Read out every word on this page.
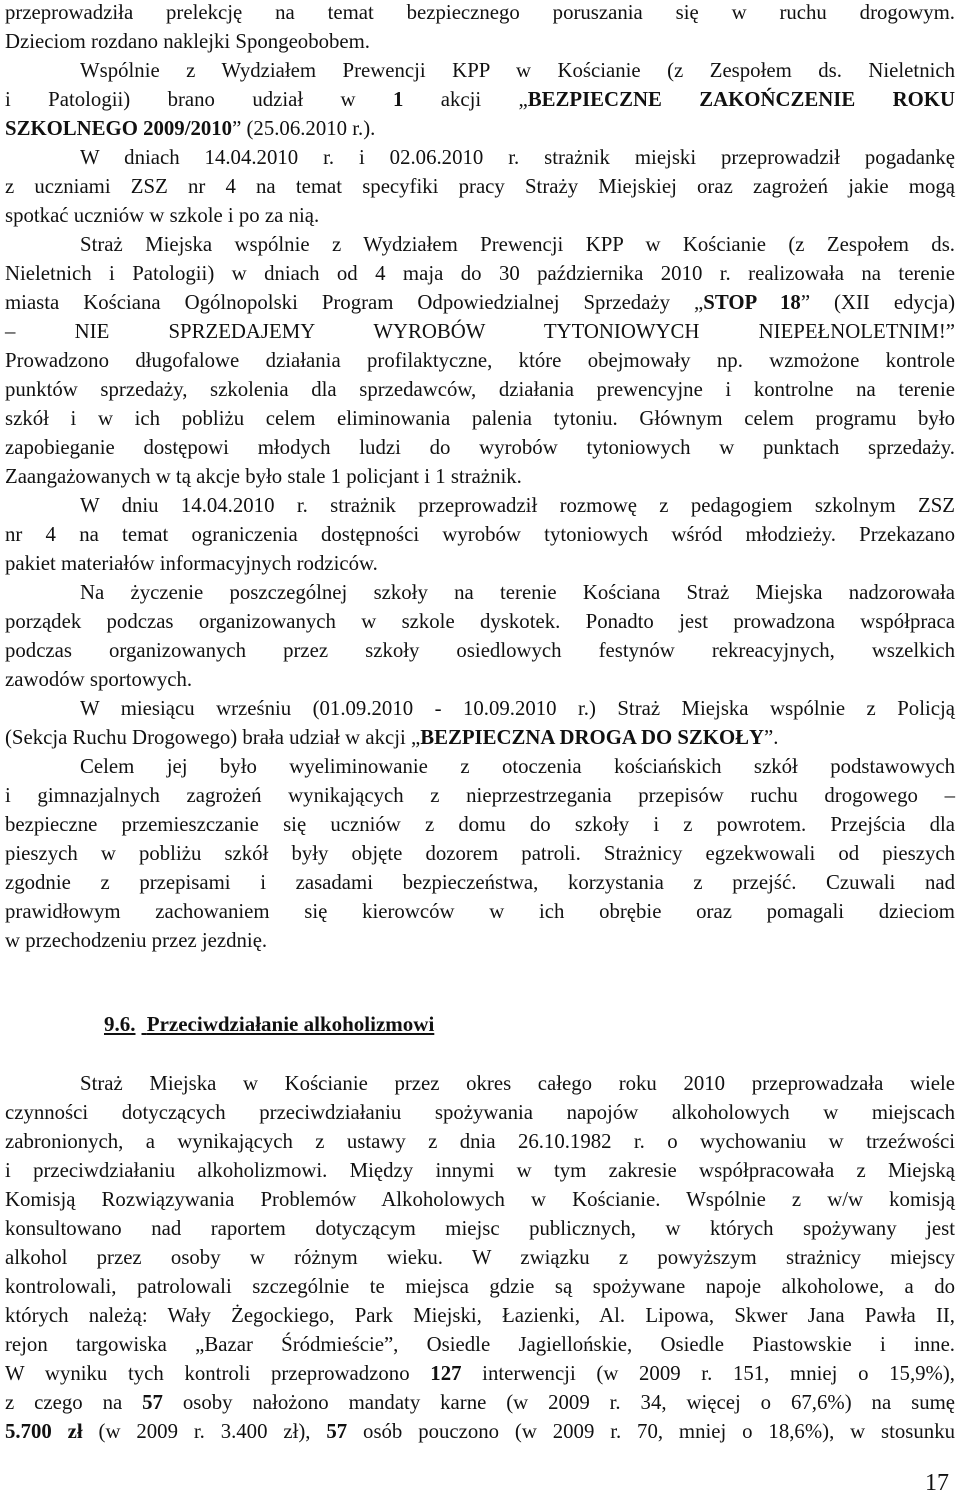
przeprowadziła prelekcję na temat bezpiecznego poruszania się w ruchu drogowym.
Dzieciom rozdano naklejki Spongeobobem.
Wspólnie z Wydziałem Prewencji KPP w Kościanie (z Zespołem ds. Nieletnich
i Patologii) brano udział w 1 akcji „BEZPIECZNE ZAKOŃCZENIE ROKU
SZKOLNEGO 2009/2010” (25.06.2010 r.).
W dniach 14.04.2010 r. i 02.06.2010 r. strażnik miejski przeprowadził pogadankę
z uczniami ZSZ nr 4 na temat specyfiki pracy Straży Miejskiej oraz zagrożeń jakie mogą
spotkać uczniów w szkole i po za nią.
Straż Miejska wspólnie z Wydziałem Prewencji KPP w Kościanie (z Zespołem ds.
Nieletnich i Patologii) w dniach od 4 maja do 30 października 2010 r. realizowała na terenie
miasta Kościana Ogólnopolski Program Odpowiedzialnej Sprzedaży „STOP 18” (XII edycja)
– NIE SPRZEDAJEMY WYROBÓW TYTONIOWYCH NIEPEŁNOLETNIM!”
Prowadzono długofalowe działania profilaktyczne, które obejmowały np. wzmożone kontrole
punktów sprzedaży, szkolenia dla sprzedawców, działania prewencyjne i kontrolne na terenie
szkół i w ich pobliżu celem eliminowania palenia tytoniu. Głównym celem programu było
zapobieganie dostępowi młodych ludzi do wyrobów tytoniowych w punktach sprzedaży.
Zaangażowanych w tą akcje było stale 1 policjant i 1 strażnik.
W dniu 14.04.2010 r. strażnik przeprowadził rozmowę z pedagogiem szkolnym ZSZ
nr 4 na temat ograniczenia dostępności wyrobów tytoniowych wśród młodzieży. Przekazano
pakiet materiałów informacyjnych rodziców.
Na życzenie poszczególnej szkoły na terenie Kościana Straż Miejska nadzorowała
porządek podczas organizowanych w szkole dyskotek. Ponadto jest prowadzona współpraca
podczas organizowanych przez szkoły osiedlowych festynów rekreacyjnych, wszelkich
zawodów sportowych.
W miesiącu wrześniu (01.09.2010 - 10.09.2010 r.) Straż Miejska wspólnie z Policją
(Sekcja Ruchu Drogowego) brała udział w akcji „BEZPIECZNA DROGA DO SZKOŁY”.
Celem jej było wyeliminowanie z otoczenia kościańskich szkół podstawowych
i gimnazjalnych zagrożeń wynikających z nieprzestrzegania przepisów ruchu drogowego –
bezpieczne przemieszczanie się uczniów z domu do szkoły i z powrotem. Przejścia dla
pieszych w pobliżu szkół były objęte dozorem patroli. Strażnicy egzekwowali od pieszych
zgodnie z przepisami i zasadami bezpieczeństwa, korzystania z przejść. Czuwali nad
prawidłowym zachowaniem się kierowców w ich obrębie oraz pomagali dzieciom
w przechodzeniu przez jezdnię.
9.6. Przeciwdziałanie alkoholizmowi
Straż Miejska w Kościanie przez okres całego roku 2010 przeprowadzała wiele
czynności dotyczących przeciwdziałaniu spożywania napojów alkoholowych w miejscach
zabronionych, a wynikających z ustawy z dnia 26.10.1982 r. o wychowaniu w trzeźwości
i przeciwdziałaniu alkoholizmowi. Między innymi w tym zakresie współpracowała z Miejską
Komisją Rozwiązywania Problemów Alkoholowych w Kościanie. Wspólnie z w/w komisją
konsultowano nad raportem dotyczącym miejsc publicznych, w których spożywany jest
alkohol przez osoby w różnym wieku. W związku z powyższym strażnicy miejscy
kontrolowali, patrolowali szczególnie te miejsca gdzie są spożywane napoje alkoholowe, a do
których należą: Wały Żegockiego, Park Miejski, Łazienki, Al. Lipowa, Skwer Jana Pawła II,
rejon targowiska „Bazar Śródmieście”, Osiedle Jagiellońskie, Osiedle Piastowskie i inne.
W wyniku tych kontroli przeprowadzono 127 interwencji (w 2009 r. 151, mniej o 15,9%),
z czego na 57 osoby nałożono mandaty karne (w 2009 r. 34, więcej o 67,6%) na sumę
5.700 zł (w 2009 r. 3.400 zł), 57 osób pouczono (w 2009 r. 70, mniej o 18,6%), w stosunku
17
